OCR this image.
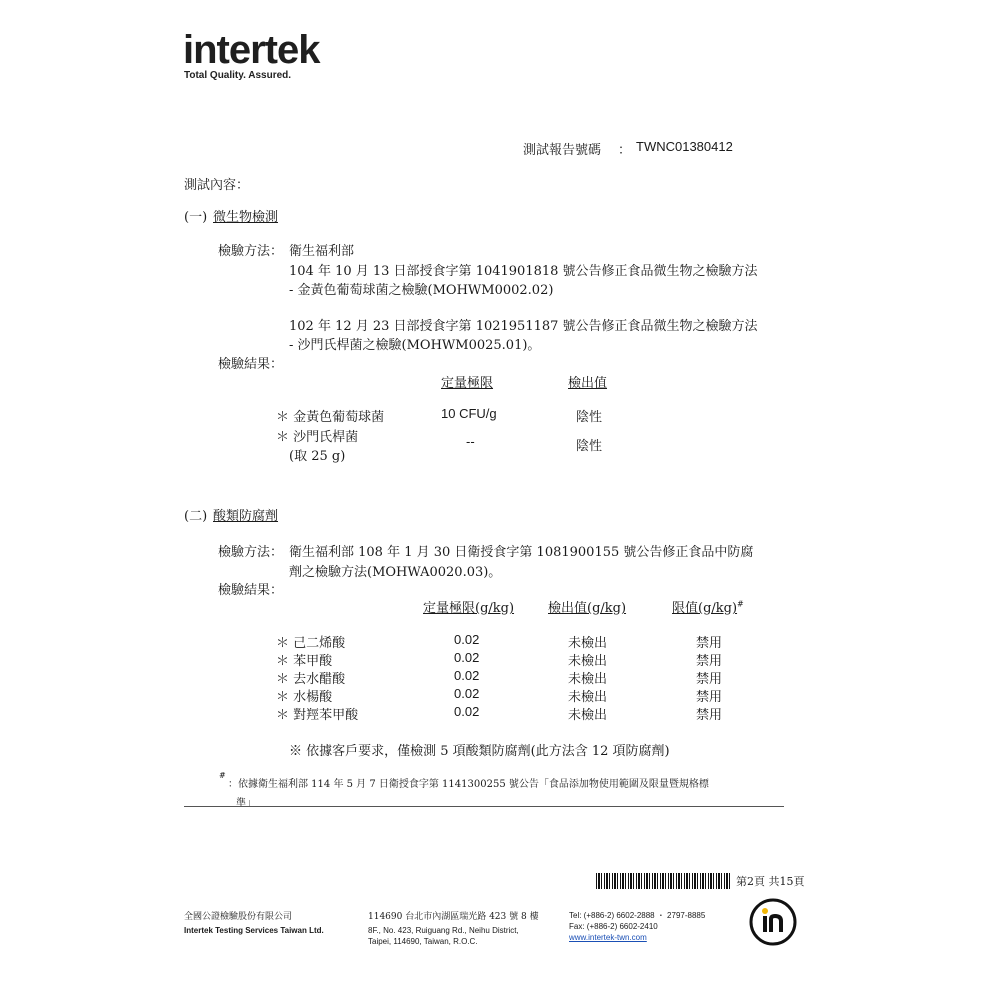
intertek
Total Quality. Assured.
測試報告號碼 ： TWNC01380412
測試內容：
(一) 微生物檢測
檢驗方法： 衛生福利部
104 年 10 月 13 日部授食字第 1041901818 號公告修正食品微生物之檢驗方法
- 金黃色葡萄球菌之檢驗(MOHWM0002.02)
102 年 12 月 23 日部授食字第 1021951187 號公告修正食品微生物之檢驗方法
- 沙門氏桿菌之檢驗(MOHWM0025.01)。
檢驗結果：
定量極限	檢出值
＊ 金黃色葡萄球菌	10 CFU/g	陰性
＊ 沙門氏桿菌
(取 25 g)
--	陰性
(二) 酸類防腐劑
檢驗方法： 衛生福利部 108 年 1 月 30 日衛授食字第 1081900155 號公告修正食品中防腐
劑之檢驗方法(MOHWA0020.03)。
檢驗結果：
定量極限(g/kg)	檢出值(g/kg)	限值(g/kg)#
＊ 己二烯酸	0.02	未檢出	禁用
＊ 苯甲酸	0.02	未檢出	禁用
＊ 去水醋酸	0.02	未檢出	禁用
＊ 水楊酸	0.02	未檢出	禁用
＊ 對羥苯甲酸	0.02	未檢出	禁用
※ 依據客戶要求，僅檢測 5 項酸類防腐劑(此方法含 12 項防腐劑)
#
：依據衛生福利部 114 年 5 月 7 日衛授食字第 1141300255 號公告「食品添加物使用範圍及限量暨規格標
準」
第2頁 共15頁
全國公證檢驗股份有限公司
Intertek Testing Services Taiwan Ltd.
114690 台北市內湖區瑞光路 423 號 8 樓
8F., No. 423, Ruiguang Rd., Neihu District,
Taipei, 114690, Taiwan, R.O.C.
Tel: (+886-2) 6602-2888 ・ 2797-8885
Fax: (+886-2) 6602-2410
www.intertek-twn.com
